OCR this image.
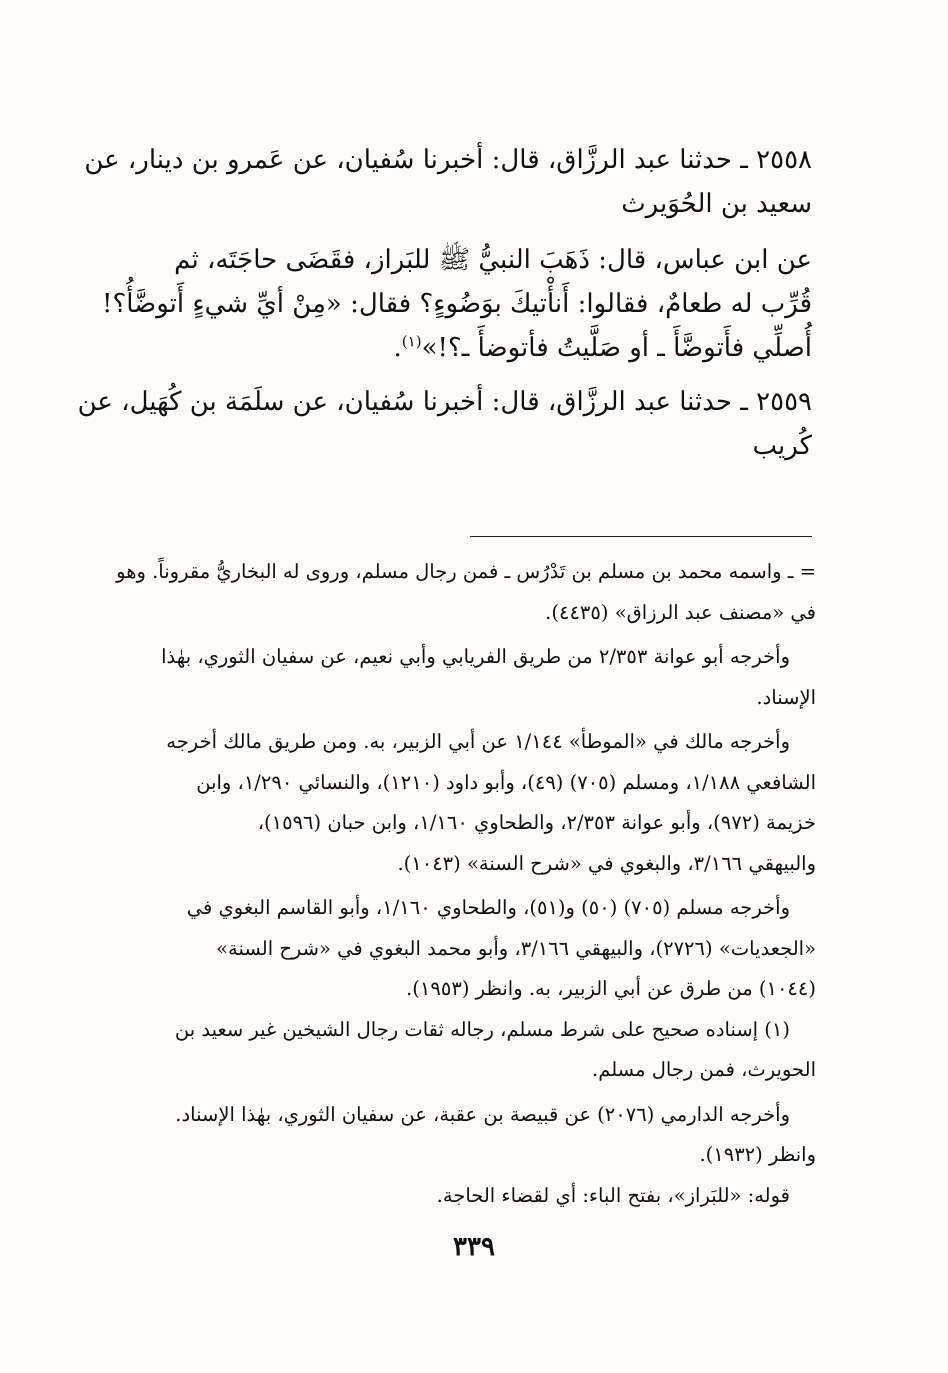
٢٥٥٨ ـ حدثنا عبد الرزَّاق، قال: أخبرنا سُفيان، عن عَمرو بن دينار، عن

سعيد بن الحُوَيرث

عن ابن عباس، قال: ذَهَبَ النبيُّ ﷺ للبَراز، فقَضَى حاجَتَه، ثم

قُرِّب له طعامٌ، فقالوا: أَنأْتيكَ بوَضُوءٍ؟ فقال: «مِنْ أيِّ شيءٍ أَتوضَّأُ؟!

أُصلِّي فأَتوضَّأَ ـ أو صَلَّيتُ فأتوضأَ ـ؟!»$^{(١)}$.

٢٥٥٩ ـ حدثنا عبد الرزَّاق، قال: أخبرنا سُفيان، عن سلَمَة بن كُهَيل، عن

كُريب

= ـ واسمه محمد بن مسلم بن تَدْرُس ـ فمن رجال مسلم، وروى له البخاريُّ مقروناً. وهو

في «مصنف عبد الرزاق» (٤٤٣٥).

وأخرجه أبو عوانة ٢/٣٥٣ من طريق الفريابي وأبي نعيم، عن سفيان الثوري، بهٰذا

الإسناد.

وأخرجه مالك في «الموطأ» ١/١٤٤ عن أبي الزبير، به. ومن طريق مالك أخرجه

الشافعي ١/١٨٨، ومسلم (٧٠٥) (٤٩)، وأبو داود (١٢١٠)، والنسائي ١/٢٩٠، وابن

خزيمة (٩٧٢)، وأبو عوانة ٢/٣٥٣، والطحاوي ١/١٦٠، وابن حبان (١٥٩٦)،

والبيهقي ٣/١٦٦، والبغوي في «شرح السنة» (١٠٤٣).

وأخرجه مسلم (٧٠٥) (٥٠) و(٥١)، والطحاوي ١/١٦٠، وأبو القاسم البغوي في

«الجعديات» (٢٧٢٦)، والبيهقي ٣/١٦٦، وأبو محمد البغوي في «شرح السنة»

(١٠٤٤) من طرق عن أبي الزبير، به. وانظر (١٩٥٣).

(١) إسناده صحيح على شرط مسلم، رجاله ثقات رجال الشيخين غير سعيد بن

الحويرث، فمن رجال مسلم.

وأخرجه الدارمي (٢٠٧٦) عن قبيصة بن عقبة، عن سفيان الثوري، بهٰذا الإسناد.

وانظر (١٩٣٢).

قوله: «للبَراز»، بفتح الباء: أي لقضاء الحاجة.

٣٣٩
